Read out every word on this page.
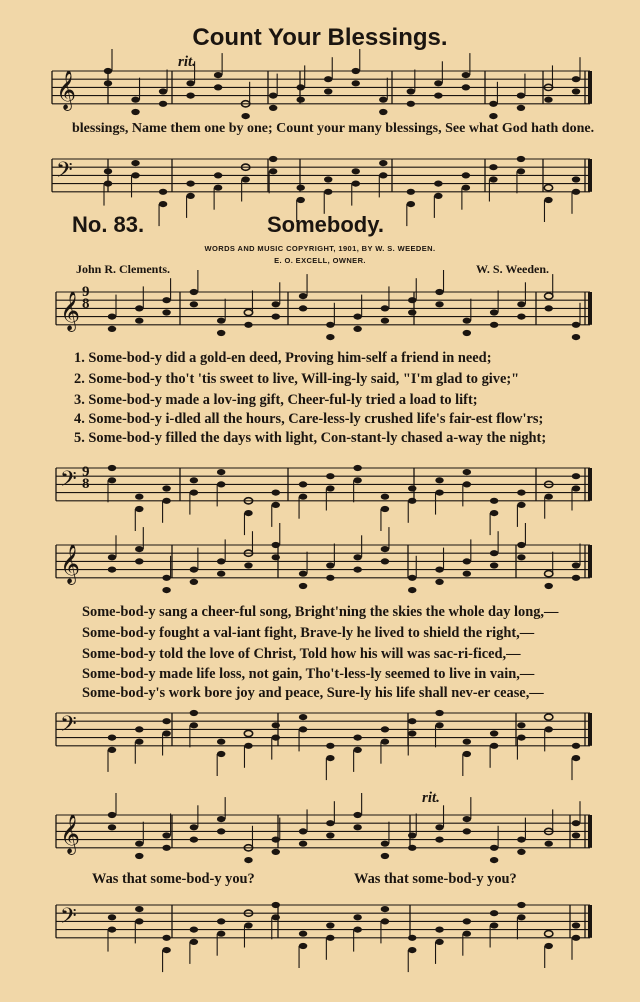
𝄞
𝄢
𝄞
𝄢
𝄞
𝄢
𝄞
𝄢
Count Your Blessings.
rit.
blessings, Name them one by one; Count your many blessings, See what God hath done.
No. 83.	Somebody.
WORDS AND MUSIC COPYRIGHT, 1901, BY W. S. WEEDEN.
E. O. EXCELL, OWNER.
John R. Clements.	W. S. Weeden.
1. Some-bod-y did a gold-en deed, Proving him-self a friend in need;
2. Some-bod-y tho't 'tis sweet to live, Will-ing-ly said, "I'm glad to give;"
3. Some-bod-y made a lov-ing gift, Cheer-ful-ly tried a load to lift;
4. Some-bod-y i-dled all the hours, Care-less-ly crushed life's fair-est flow'rs;
5. Some-bod-y filled the days with light, Con-stant-ly chased a-way the night;
Some-bod-y sang a cheer-ful song, Bright'ning the skies the whole day long,—
Some-bod-y fought a val-iant fight, Brave-ly he lived to shield the right,—
Some-bod-y told the love of Christ, Told how his will was sac-ri-ficed,—
Some-bod-y made life loss, not gain, Tho't-less-ly seemed to live in vain,—
Some-bod-y's work bore joy and peace, Sure-ly his life shall nev-er cease,—
rit.
Was that some-bod-y you?	Was that some-bod-y you?
9
8
9
8
